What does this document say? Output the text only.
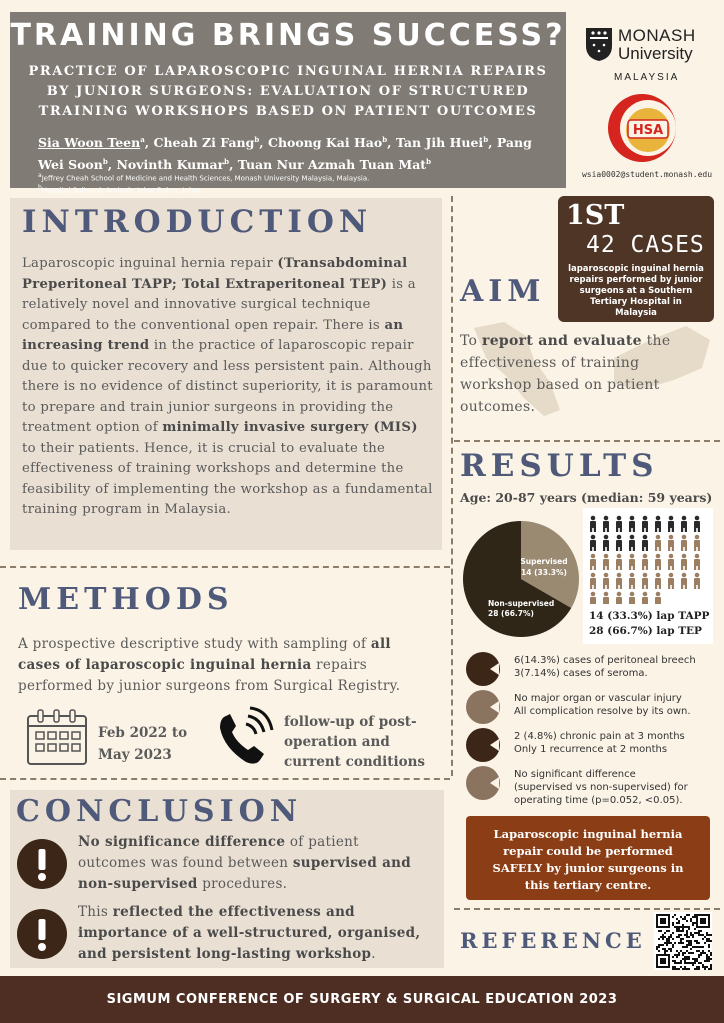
TRAINING BRINGS SUCCESS?
PRACTICE OF LAPAROSCOPIC INGUINAL HERNIA REPAIRS BY JUNIOR SURGEONS: EVALUATION OF STRUCTURED TRAINING WORKSHOPS BASED ON PATIENT OUTCOMES
Sia Woon Teen$^a$, Cheah Zi Fang$^b$, Choong Kai Hao$^b$, Tan Jih Huei$^b$, Pang Wei Soon$^b$, Novinth Kumar$^b$, Tuan Nur Azmah Tuan Mat$^b$
$^a$Jeffrey Cheah School of Medicine and Health Sciences, Monash University Malaysia, Malaysia.
$^b$Hospital Sultanah Aminah, Johor Bahru, Johor.
MONASH
University
MALAYSIA
HSA
wsia0002@student.monash.edu
INTRODUCTION
Laparoscopic inguinal hernia repair (Transabdominal Preperitoneal TAPP; Total Extraperitoneal TEP) is a relatively novel and innovative surgical technique compared to the conventional open repair. There is an increasing trend in the practice of laparoscopic repair due to quicker recovery and less persistent pain. Although there is no evidence of distinct superiority, it is paramount to prepare and train junior surgeons in providing the treatment option of minimally invasive surgery (MIS) to their patients. Hence, it is crucial to evaluate the effectiveness of training workshops and determine the feasibility of implementing the workshop as a fundamental training program in Malaysia.
1ST
42 CASES
laparoscopic inguinal hernia repairs performed by junior surgeons at a Southern Tertiary Hospital in Malaysia
AIM
To report and evaluate the effectiveness of training workshop based on patient outcomes.
RESULTS
Age: 20-87 years (median: 59 years)
Supervised
14 (33.3%)
Non-supervised
28 (66.7%)	14 (33.3%) lap TAPP
28 (66.7%) lap TEP
6(14.3%) cases of peritoneal breech
3(7.14%) cases of seroma.
No major organ or vascular injury
All complication resolve by its own.
2 (4.8%) chronic pain at 3 months
Only 1 recurrence at 2 months
No significant difference
(supervised vs non-supervised) for
operating time (p=0.052, <0.05).
Laparoscopic inguinal hernia repair could be performed SAFELY by junior surgeons in this tertiary centre.
METHODS
A prospective descriptive study with sampling of all cases of laparoscopic inguinal hernia repairs performed by junior surgeons from Surgical Registry.
Feb 2022 to May 2023
follow-up of post-operation and current conditions
CONCLUSION
No significance difference of patient outcomes was found between supervised and non-supervised procedures.
This reflected the effectiveness and importance of a well-structured, organised, and persistent long-lasting workshop.
REFERENCE
SIGMUM CONFERENCE OF SURGERY & SURGICAL EDUCATION 2023
